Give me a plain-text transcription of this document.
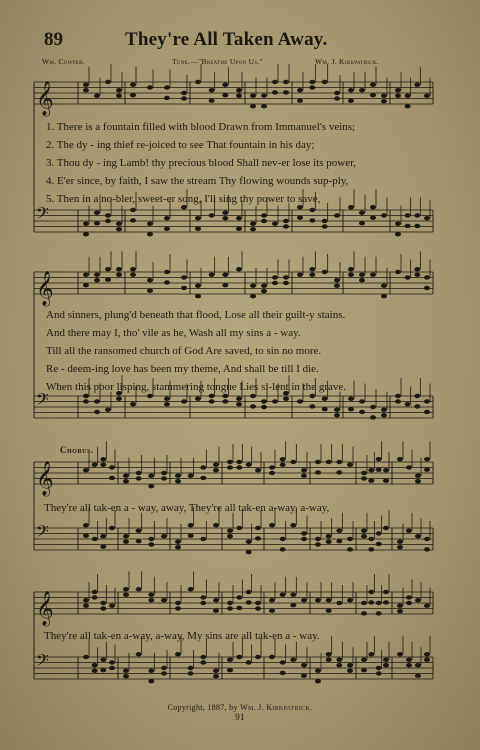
89	They're All Taken Away.
Wm. Cowper.	Tune.—"Breathe Upon Us."	Wm. J. Kirkpatrick.
𝄞
𝄢
𝄞
𝄢
𝄞
𝄢
𝄞
𝄢
1. There is a fountain filled with blood Drawn from Immanuel's veins;
2. The dy - ing thief re-joiced to see That fountain in his day;
3. Thou dy - ing Lamb! thy precious blood Shall nev-er lose its power,
4. E'er since, by faith, I saw the stream Thy flowing wounds sup-ply,
5. Then in a no-bler, sweet-er song, I'll sing thy power to save,
And sinners, plung'd beneath that flood, Lose all their guilt-y stains.
And there may I, tho' vile as he, Wash all my sins a - way.
Till all the ransomed church of God Are saved, to sin no more.
Re - deem-ing love has been my theme, And shall be till I die.
When this poor lisping, stammering tongue Lies si-lent in the grave.
Chorus.
They're all tak-en a - way, away, They're all tak-en a-way, a-way,
They're all tak-en a-way, a-way, My sins are all tak-en a - way.
Copyright, 1887, by Wm. J. Kirkpatrick.
91
